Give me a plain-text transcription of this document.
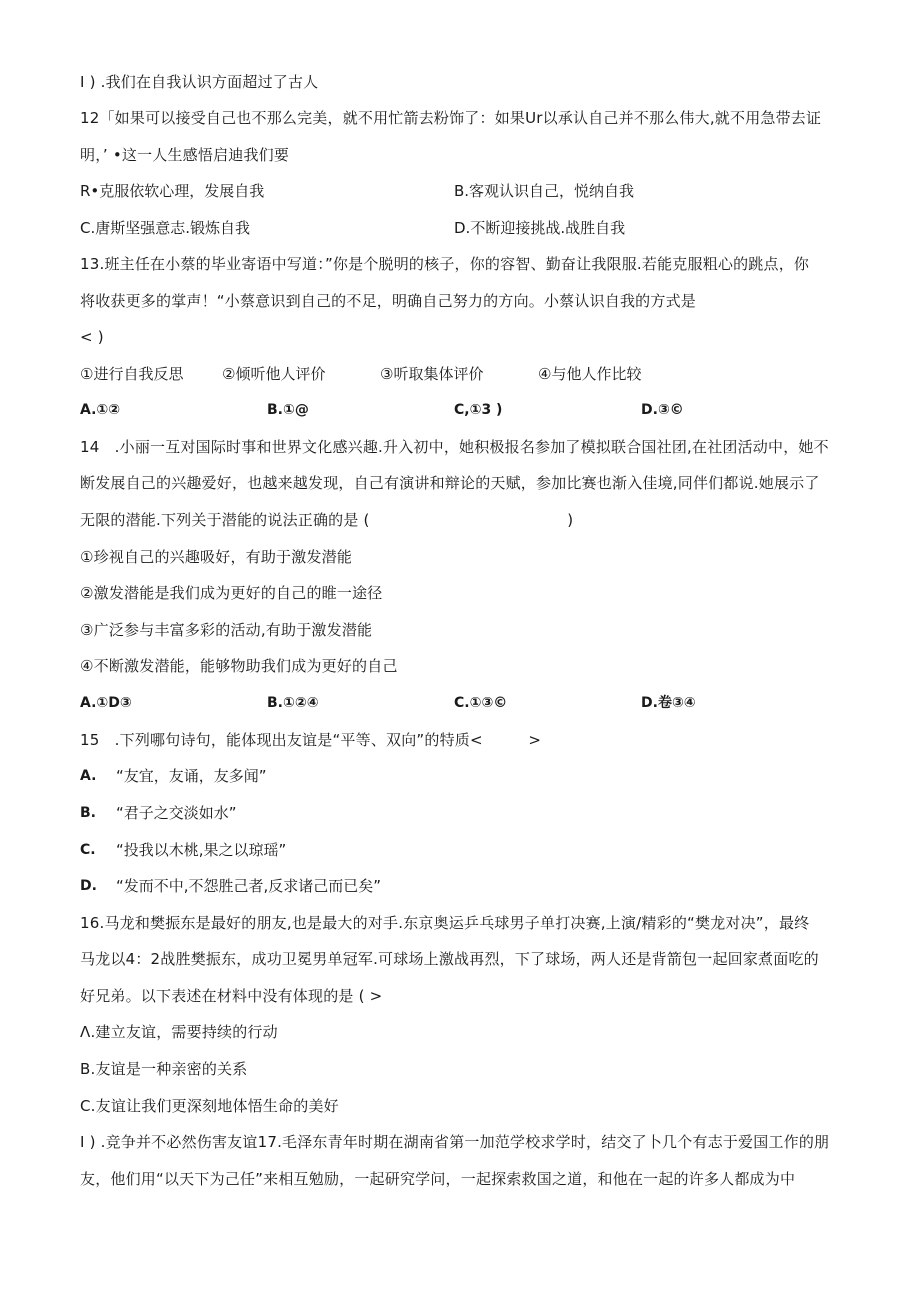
I ) .我们在自我认识方面超过了古人
12「如果可以接受自己也不那么完美，就不用忙箭去粉饰了：如果Ur以承认自己并不那么伟大,就不用急带去证
明，’ •这一人生感悟启迪我们要
R•克服依软心理，发展自我	B.客观认识自己，悦纳自我
C.唐斯坚强意志.锻炼自我	D.不断迎接挑战.战胜自我
13.班主任在小蔡的毕业寄语中写道：”你是个脱明的核子，你的容智、勤奋让我限服.若能克服粗心的跳点，你
将收获更多的掌声！“小蔡意识到自己的不足，明确自己努力的方向。小蔡认识自我的方式是
< )
①进行自我反思	②倾听他人评价	③听取集体评价	④与他人作比较
A.①②	B.①@	C,①3 )	D.③©
14　.小丽一互对国际时事和世界文化感兴趣.升入初中，她积极报名参加了模拟联合国社团,在社团活动中，她不
断发展自己的兴趣爱好，也越来越发现，自己有演讲和辩论的天赋，参加比赛也渐入佳境,同伴们都说.她展示了
无限的潜能.下列关于潜能的说法正确的是 (　　　　　　　　　　　　　)
①珍视自己的兴趣吸好，有助于激发潜能
②激发潜能是我们成为更好的自己的睢一途径
③广泛参与丰富多彩的活动,有助于激发潜能
④不断激发潜能，能够物助我们成为更好的自己
A.①D③	B.①②④	C.①③©	D.卷③④
15　.下列哪句诗句，能体现出友谊是“平等、双向”的特质<　　　>
A. “友宜，友诵，友多闻”
B. “君子之交淡如水”
C. “投我以木桃,果之以琼瑶”
D. “发而不中,不怨胜己者,反求诸己而已矣”
16.马龙和樊振东是最好的朋友,也是最大的对手.东京奥运乒乓球男子单打决赛,上演/精彩的“樊龙对决”，最终
马龙以4：2战胜樊振东，成功卫冕男单冠军.可球场上激战再烈，下了球场，两人还是背箭包一起回家煮面吃的
好兄弟。以下表述在材料中没有体现的是 ( >
Λ.建立友谊，需要持续的行动
B.友谊是一种亲密的关系
C.友谊让我们更深刻地体悟生命的美好
I ) .竞争并不必然伤害友谊17.毛泽东青年时期在湖南省第一加范学校求学时，结交了卜几个有志于爱国工作的朋
友，他们用“以天下为己任”来相互勉励，一起研究学问，一起探索救国之道，和他在一起的许多人都成为中
